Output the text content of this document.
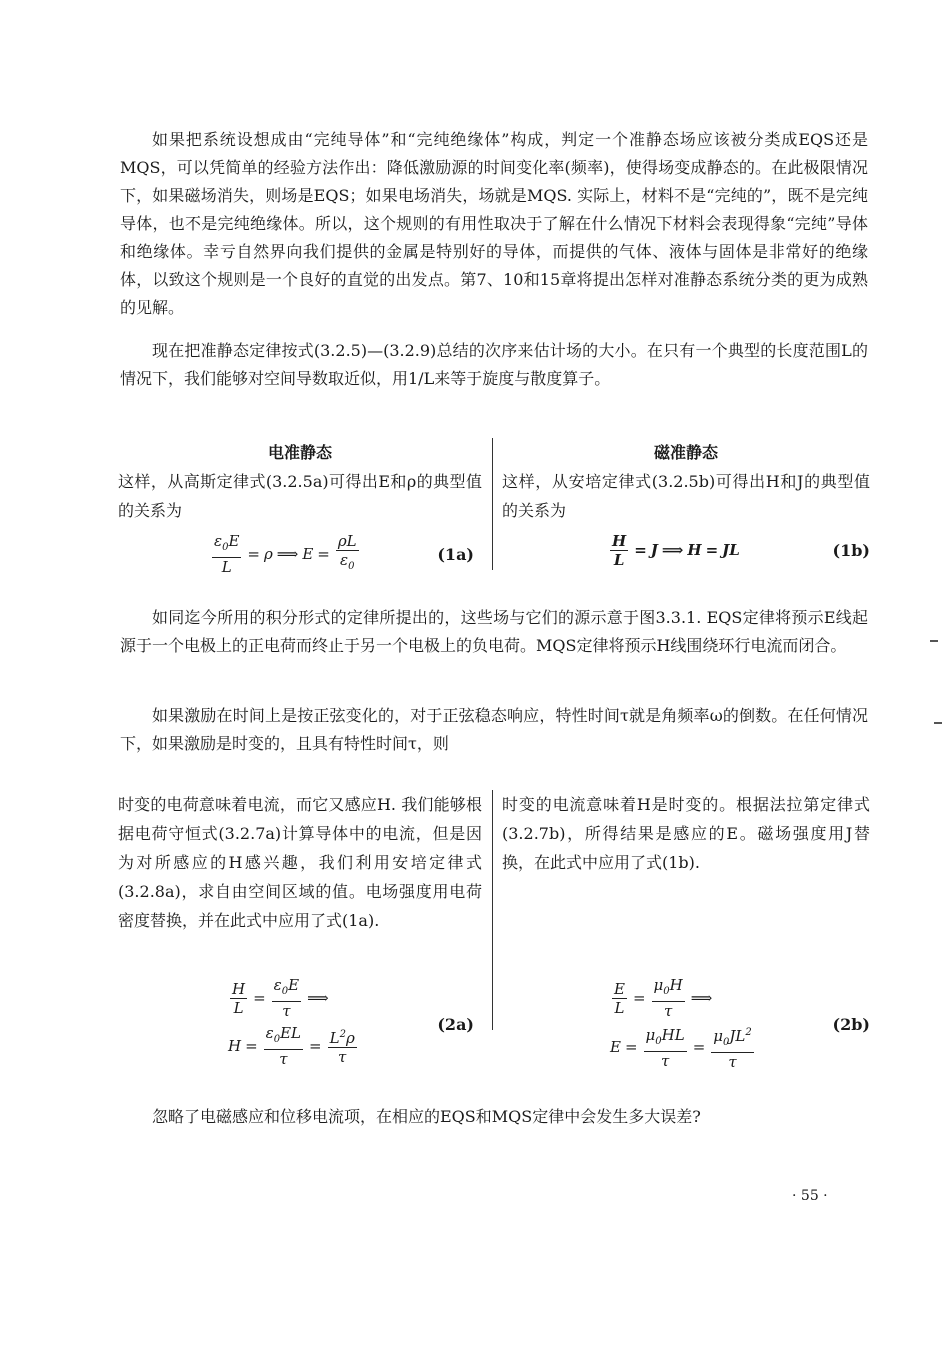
如果把系统设想成由“完纯导体”和“完纯绝缘体”构成，判定一个准静态场应该被分类成EQS还是MQS，可以凭简单的经验方法作出：降低激励源的时间变化率(频率)，使得场变成静态的。在此极限情况下，如果磁场消失，则场是EQS；如果电场消失，场就是MQS. 实际上，材料不是“完纯的”，既不是完纯导体，也不是完纯绝缘体。所以，这个规则的有用性取决于了解在什么情况下材料会表现得象“完纯”导体和绝缘体。幸亏自然界向我们提供的金属是特别好的导体，而提供的气体、液体与固体是非常好的绝缘体，以致这个规则是一个良好的直觉的出发点。第7、10和15章将提出怎样对准静态系统分类的更为成熟的见解。

现在把准静态定律按式(3.2.5)—(3.2.9)总结的次序来估计场的大小。在只有一个典型的长度范围L的情况下，我们能够对空间导数取近似，用1/L来等于旋度与散度算子。

电准静态
这样，从高斯定律式(3.2.5a)可得出E和ρ的典型值的关系为
$\frac{\varepsilon_0E}{L} = \rho$ ⟹ $E = \frac{\rho L}{\varepsilon_0}$	(1a)
磁准静态
这样，从安培定律式(3.2.5b)可得出H和J的典型值的关系为
$\frac{H}{L} = J$ ⟹ H = JL	(1b)

如同迄今所用的积分形式的定律所提出的，这些场与它们的源示意于图3.3.1. EQS定律将预示E线起源于一个电极上的正电荷而终止于另一个电极上的负电荷。MQS定律将预示H线围绕环行电流而闭合。

如果激励在时间上是按正弦变化的，对于正弦稳态响应，特性时间τ就是角频率ω的倒数。在任何情况下，如果激励是时变的，且具有特性时间τ，则

时变的电荷意味着电流，而它又感应H. 我们能够根据电荷守恒式(3.2.7a)计算导体中的电流，但是因为对所感应的H感兴趣，我们利用安培定律式(3.2.8a)，求自由空间区域的值。电场强度用电荷密度替换，并在此式中应用了式(1a).
$\frac{H}{L} = \frac{\varepsilon_0E}{\tau}$ ⟹
$H = \frac{\varepsilon_0EL}{\tau} = \frac{L^2\rho}{\tau}$
(2a)
时变的电流意味着H是时变的。根据法拉第定律式(3.2.7b)，所得结果是感应的E。磁场强度用J替换，在此式中应用了式(1b).
$\frac{E}{L} = \frac{\mu_0H}{\tau}$ ⟹
$E = \frac{\mu_0HL}{\tau} = \frac{\mu_0JL^2}{\tau}$	(2b)

忽略了电磁感应和位移电流项，在相应的EQS和MQS定律中会发生多大误差?

· 55 ·
